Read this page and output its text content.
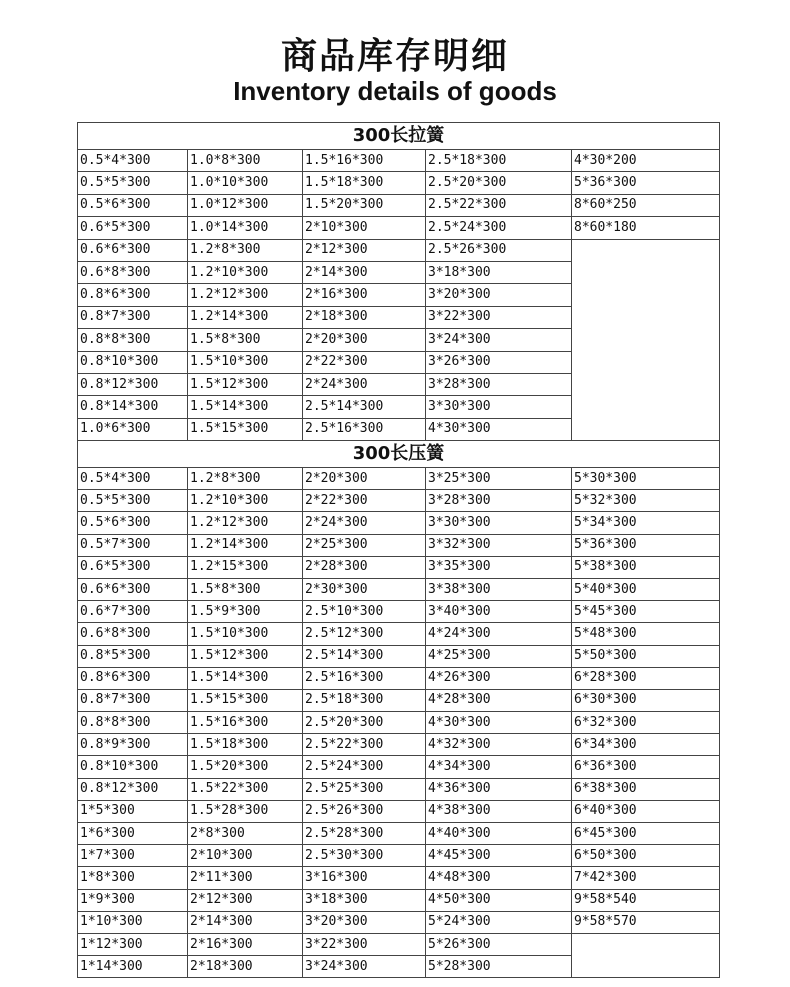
商品库存明细
Inventory details of goods
300长拉簧				
0.5*4*300	1.0*8*300	1.5*16*300	2.5*18*300	4*30*200
0.5*5*300	1.0*10*300	1.5*18*300	2.5*20*300	5*36*300
0.5*6*300	1.0*12*300	1.5*20*300	2.5*22*300	8*60*250
0.6*5*300	1.0*14*300	2*10*300	2.5*24*300	8*60*180
0.6*6*300	1.2*8*300	2*12*300	2.5*26*300	
0.6*8*300	1.2*10*300	2*14*300	3*18*300	
0.8*6*300	1.2*12*300	2*16*300	3*20*300	
0.8*7*300	1.2*14*300	2*18*300	3*22*300	
0.8*8*300	1.5*8*300	2*20*300	3*24*300	
0.8*10*300	1.5*10*300	2*22*300	3*26*300	
0.8*12*300	1.5*12*300	2*24*300	3*28*300	
0.8*14*300	1.5*14*300	2.5*14*300	3*30*300	
1.0*6*300	1.5*15*300	2.5*16*300	4*30*300	
300长压簧				
0.5*4*300	1.2*8*300	2*20*300	3*25*300	5*30*300
0.5*5*300	1.2*10*300	2*22*300	3*28*300	5*32*300
0.5*6*300	1.2*12*300	2*24*300	3*30*300	5*34*300
0.5*7*300	1.2*14*300	2*25*300	3*32*300	5*36*300
0.6*5*300	1.2*15*300	2*28*300	3*35*300	5*38*300
0.6*6*300	1.5*8*300	2*30*300	3*38*300	5*40*300
0.6*7*300	1.5*9*300	2.5*10*300	3*40*300	5*45*300
0.6*8*300	1.5*10*300	2.5*12*300	4*24*300	5*48*300
0.8*5*300	1.5*12*300	2.5*14*300	4*25*300	5*50*300
0.8*6*300	1.5*14*300	2.5*16*300	4*26*300	6*28*300
0.8*7*300	1.5*15*300	2.5*18*300	4*28*300	6*30*300
0.8*8*300	1.5*16*300	2.5*20*300	4*30*300	6*32*300
0.8*9*300	1.5*18*300	2.5*22*300	4*32*300	6*34*300
0.8*10*300	1.5*20*300	2.5*24*300	4*34*300	6*36*300
0.8*12*300	1.5*22*300	2.5*25*300	4*36*300	6*38*300
1*5*300	1.5*28*300	2.5*26*300	4*38*300	6*40*300
1*6*300	2*8*300	2.5*28*300	4*40*300	6*45*300
1*7*300	2*10*300	2.5*30*300	4*45*300	6*50*300
1*8*300	2*11*300	3*16*300	4*48*300	7*42*300
1*9*300	2*12*300	3*18*300	4*50*300	9*58*540
1*10*300	2*14*300	3*20*300	5*24*300	9*58*570
1*12*300	2*16*300	3*22*300	5*26*300	
1*14*300	2*18*300	3*24*300	5*28*300	
